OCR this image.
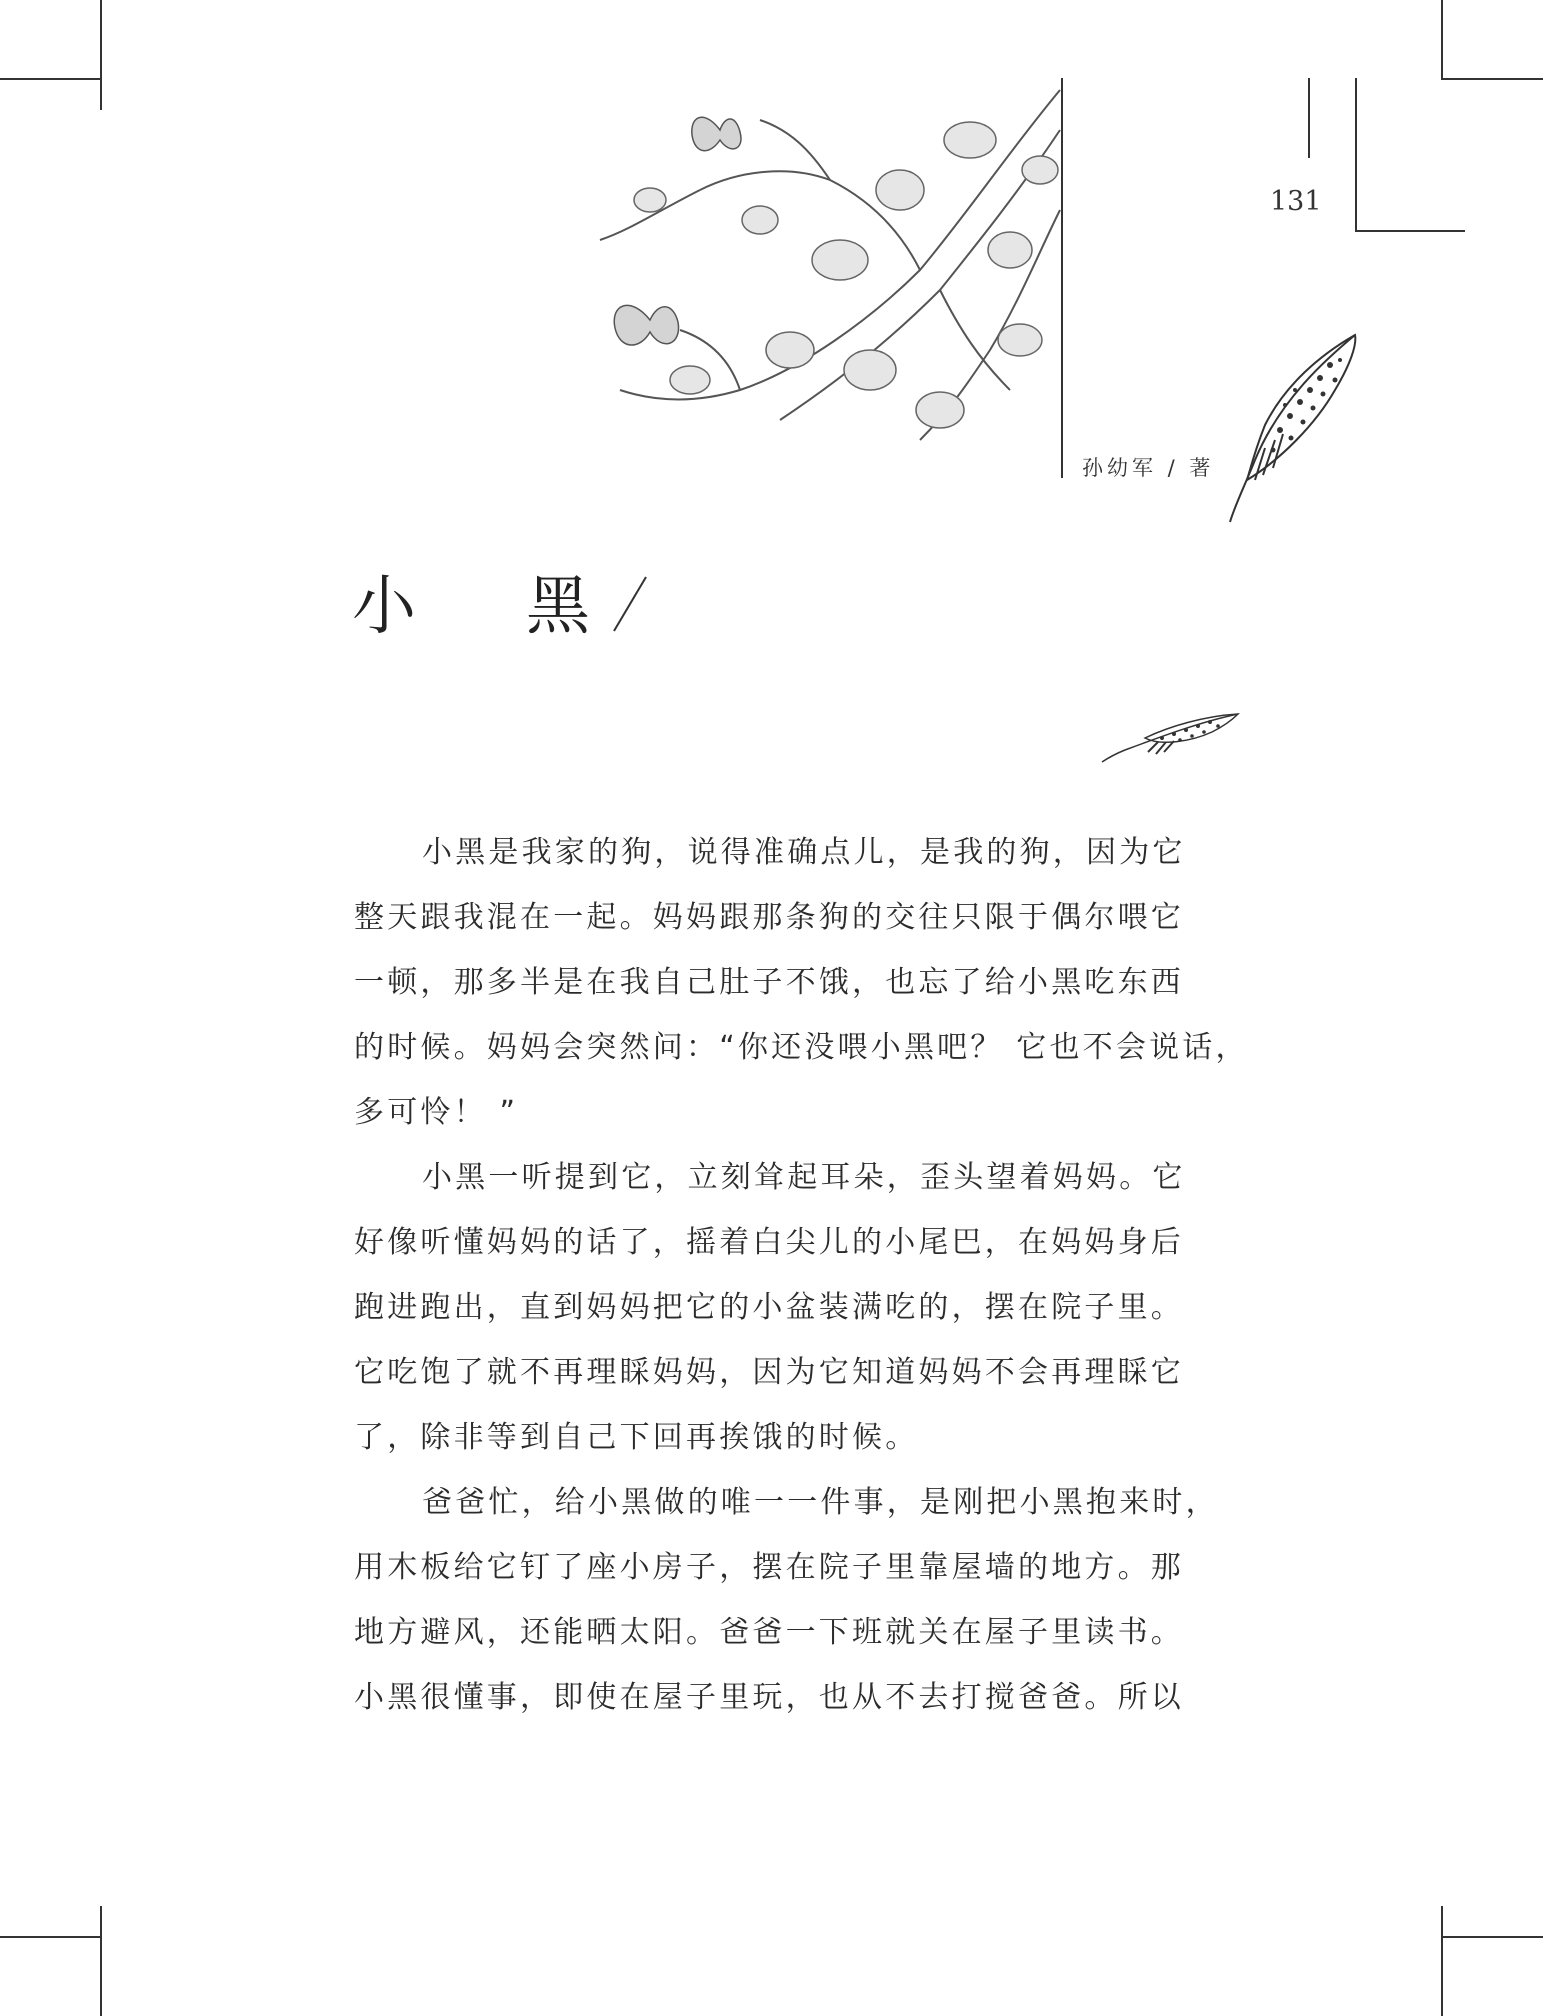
131
孙幼军 / 著
小 黑

小黑是我家的狗，说得准确点儿，是我的狗，因为它
整天跟我混在一起。妈妈跟那条狗的交往只限于偶尔喂它
一顿，那多半是在我自己肚子不饿，也忘了给小黑吃东西
的时候。妈妈会突然问：“你还没喂小黑吧？ 它也不会说话，
多可怜！ ”

小黑一听提到它，立刻耸起耳朵，歪头望着妈妈。它
好像听懂妈妈的话了，摇着白尖儿的小尾巴，在妈妈身后
跑进跑出，直到妈妈把它的小盆装满吃的，摆在院子里。
它吃饱了就不再理睬妈妈，因为它知道妈妈不会再理睬它
了，除非等到自己下回再挨饿的时候。

爸爸忙，给小黑做的唯一一件事，是刚把小黑抱来时，
用木板给它钉了座小房子，摆在院子里靠屋墙的地方。那
地方避风，还能晒太阳。爸爸一下班就关在屋子里读书。
小黑很懂事，即使在屋子里玩，也从不去打搅爸爸。所以
